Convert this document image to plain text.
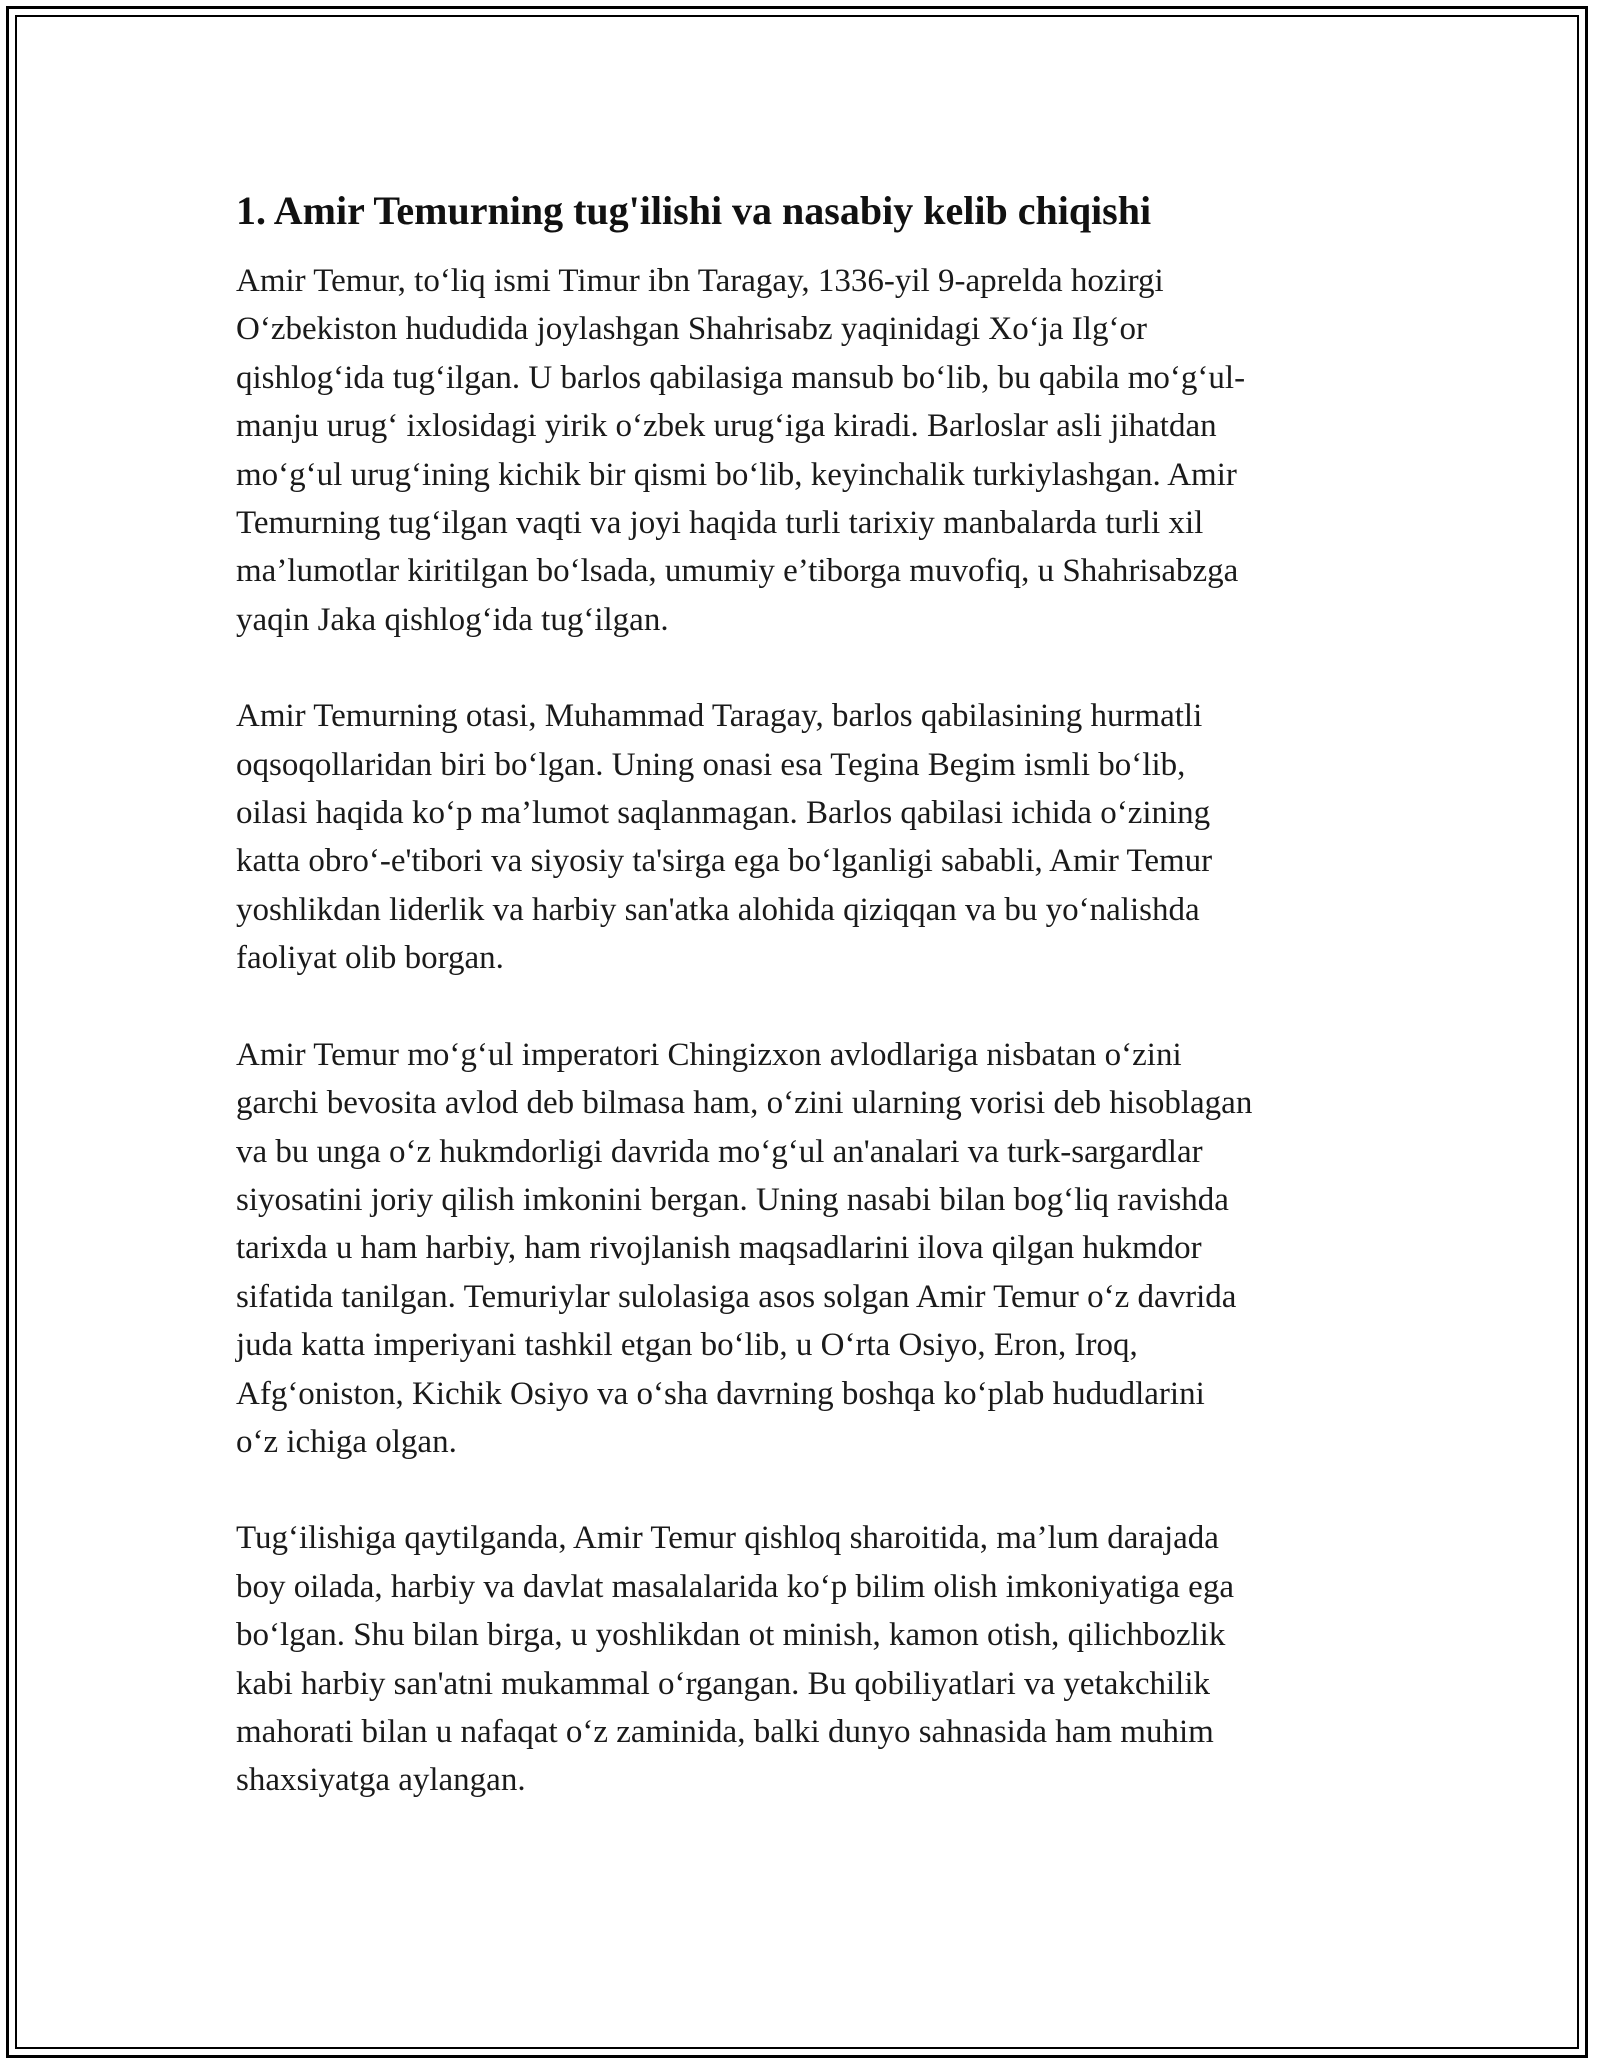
1. Amir Temurning tug'ilishi va nasabiy kelib chiqishi
Amir Temur, to‘liq ismi Timur ibn Taragay, 1336-yil 9-aprelda hozirgi
O‘zbekiston hududida joylashgan Shahrisabz yaqinidagi Xo‘ja Ilg‘or
qishlog‘ida tug‘ilgan. U barlos qabilasiga mansub bo‘lib, bu qabila mo‘g‘ul-
manju urug‘ ixlosidagi yirik o‘zbek urug‘iga kiradi. Barloslar asli jihatdan
mo‘g‘ul urug‘ining kichik bir qismi bo‘lib, keyinchalik turkiylashgan. Amir
Temurning tug‘ilgan vaqti va joyi haqida turli tarixiy manbalarda turli xil
ma’lumotlar kiritilgan bo‘lsada, umumiy e’tiborga muvofiq, u Shahrisabzga
yaqin Jaka qishlog‘ida tug‘ilgan.
Amir Temurning otasi, Muhammad Taragay, barlos qabilasining hurmatli
oqsoqollaridan biri bo‘lgan. Uning onasi esa Tegina Begim ismli bo‘lib,
oilasi haqida ko‘p ma’lumot saqlanmagan. Barlos qabilasi ichida o‘zining
katta obro‘-e'tibori va siyosiy ta'sirga ega bo‘lganligi sababli, Amir Temur
yoshlikdan liderlik va harbiy san'atka alohida qiziqqan va bu yo‘nalishda
faoliyat olib borgan.
Amir Temur mo‘g‘ul imperatori Chingizxon avlodlariga nisbatan o‘zini
garchi bevosita avlod deb bilmasa ham, o‘zini ularning vorisi deb hisoblagan
va bu unga o‘z hukmdorligi davrida mo‘g‘ul an'analari va turk-sargardlar
siyosatini joriy qilish imkonini bergan. Uning nasabi bilan bog‘liq ravishda
tarixda u ham harbiy, ham rivojlanish maqsadlarini ilova qilgan hukmdor
sifatida tanilgan. Temuriylar sulolasiga asos solgan Amir Temur o‘z davrida
juda katta imperiyani tashkil etgan bo‘lib, u O‘rta Osiyo, Eron, Iroq,
Afg‘oniston, Kichik Osiyo va o‘sha davrning boshqa ko‘plab hududlarini
o‘z ichiga olgan.
Tug‘ilishiga qaytilganda, Amir Temur qishloq sharoitida, ma’lum darajada
boy oilada, harbiy va davlat masalalarida ko‘p bilim olish imkoniyatiga ega
bo‘lgan. Shu bilan birga, u yoshlikdan ot minish, kamon otish, qilichbozlik
kabi harbiy san'atni mukammal o‘rgangan. Bu qobiliyatlari va yetakchilik
mahorati bilan u nafaqat o‘z zaminida, balki dunyo sahnasida ham muhim
shaxsiyatga aylangan.
